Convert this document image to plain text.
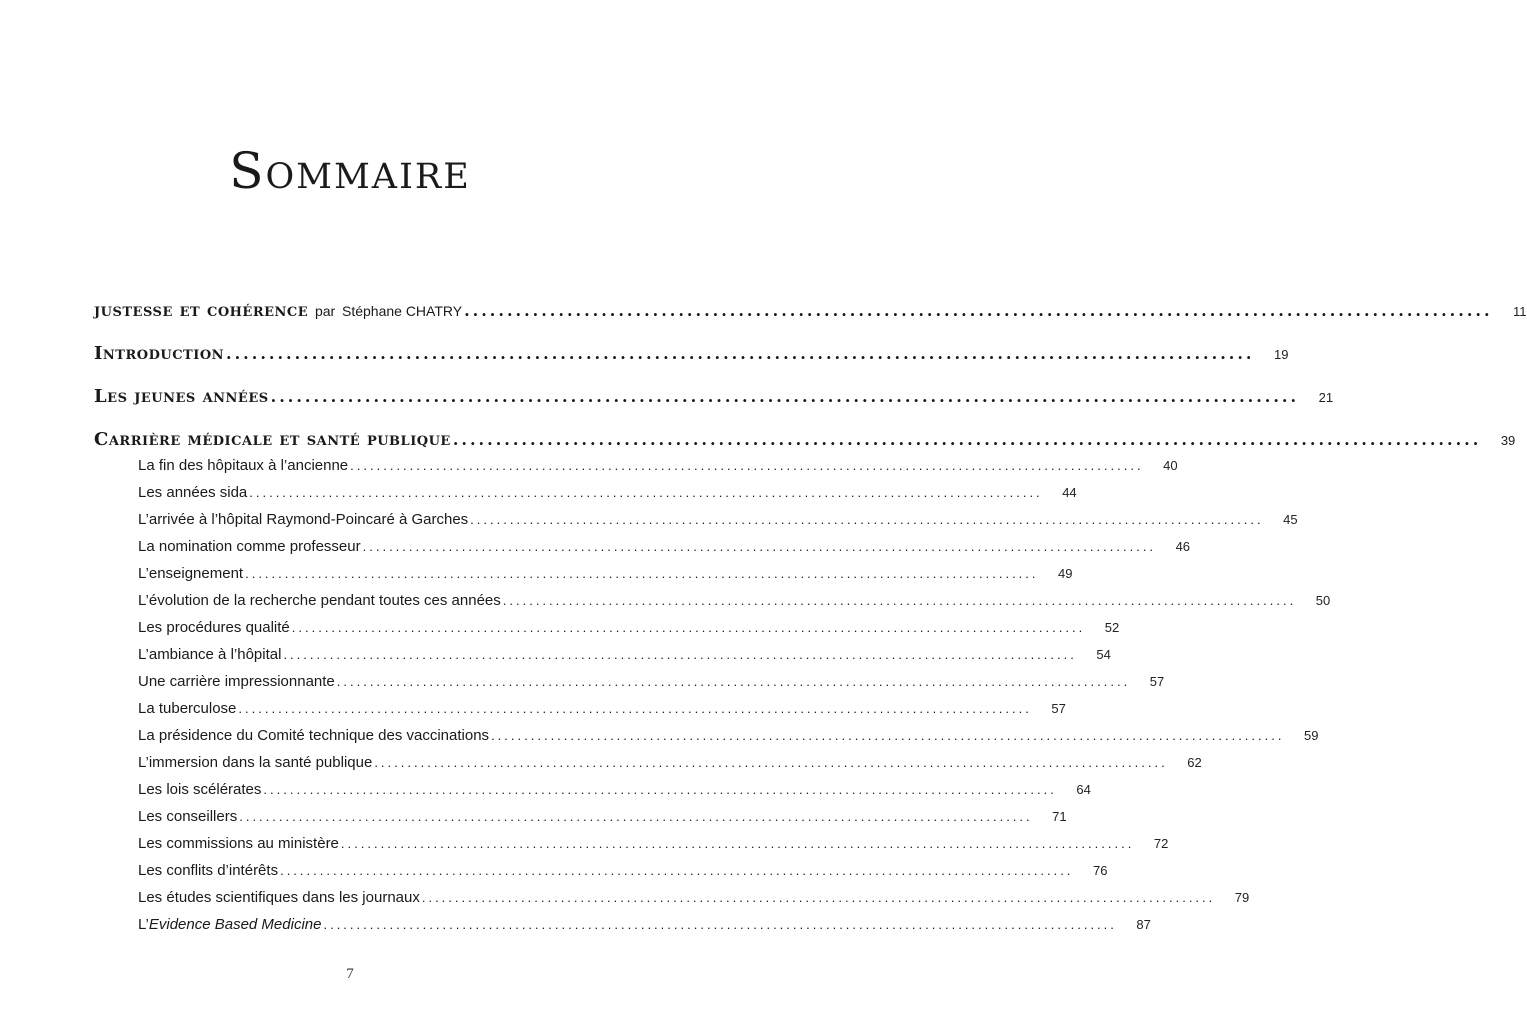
Sommaire
justesse et cohérence par Stéphane CHATRY ........................................................................................................................	11
Introduction ........................................................................................................................	19
Les jeunes années ........................................................................................................................	21
Carrière médicale et santé publique ........................................................................................................................	39
La fin des hôpitaux à l’ancienne ........................................................................................................................	40
Les années sida ........................................................................................................................	44
L’arrivée à l’hôpital Raymond-Poincaré à Garches ........................................................................................................................	45
La nomination comme professeur ........................................................................................................................	46
L’enseignement ........................................................................................................................	49
L’évolution de la recherche pendant toutes ces années ........................................................................................................................	50
Les procédures qualité ........................................................................................................................	52
L’ambiance à l’hôpital ........................................................................................................................	54
Une carrière impressionnante ........................................................................................................................	57
La tuberculose ........................................................................................................................	57
La présidence du Comité technique des vaccinations ........................................................................................................................	59
L’immersion dans la santé publique ........................................................................................................................	62
Les lois scélérates ........................................................................................................................	64
Les conseillers ........................................................................................................................	71
Les commissions au ministère ........................................................................................................................	72
Les conflits d’intérêts ........................................................................................................................	76
Les études scientifiques dans les journaux ........................................................................................................................	79
L’Evidence Based Medicine ........................................................................................................................	87
7
